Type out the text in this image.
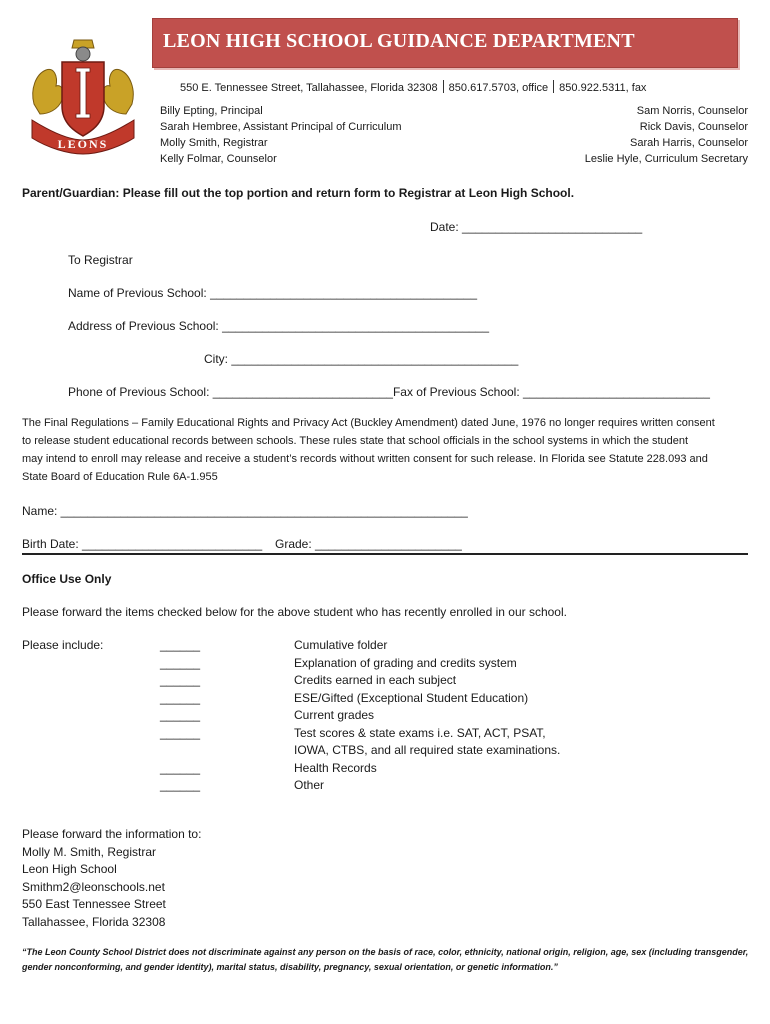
LEONS
LEON HIGH SCHOOL GUIDANCE DEPARTMENT
550 E. Tennessee Street, Tallahassee, Florida 32308 850.617.5703, office 850.922.5311, fax
Billy Epting, Principal
Sarah Hembree, Assistant Principal of Curriculum
Molly Smith, Registrar
Kelly Folmar, Counselor
Sam Norris, Counselor
Rick Davis, Counselor
Sarah Harris, Counselor
Leslie Hyle, Curriculum Secretary
Parent/Guardian: Please fill out the top portion and return form to Registrar at Leon High School.
Date: ___________________________
To Registrar
Name of Previous School: ________________________________________
Address of Previous School: ________________________________________
City: ___________________________________________
Phone of Previous School: ___________________________Fax of Previous School: ____________________________
The Final Regulations – Family Educational Rights and Privacy Act (Buckley Amendment) dated June, 1976 no longer requires written consent
to release student educational records between schools. These rules state that school officials in the school systems in which the student
may intend to enroll may release and receive a student’s records without written consent for such release. In Florida see Statute 228.093 and
State Board of Education Rule 6A-1.955
Name: _____________________________________________________________
Birth Date: ___________________________ Grade: ______________________
Office Use Only
Please forward the items checked below for the above student who has recently enrolled in our school.
Please include:	______
______
______
______
______
______
______
______
Cumulative folder
Explanation of grading and credits system
Credits earned in each subject
ESE/Gifted (Exceptional Student Education)
Current grades
Test scores & state exams i.e. SAT, ACT, PSAT,
IOWA, CTBS, and all required state examinations.
Health Records
Other
Please forward the information to:
Molly M. Smith, Registrar
Leon High School
Smithm2@leonschools.net
550 East Tennessee Street
Tallahassee, Florida 32308
“The Leon County School District does not discriminate against any person on the basis of race, color, ethnicity, national origin, religion, age, sex (including transgender,
gender nonconforming, and gender identity), marital status, disability, pregnancy, sexual orientation, or genetic information.”
